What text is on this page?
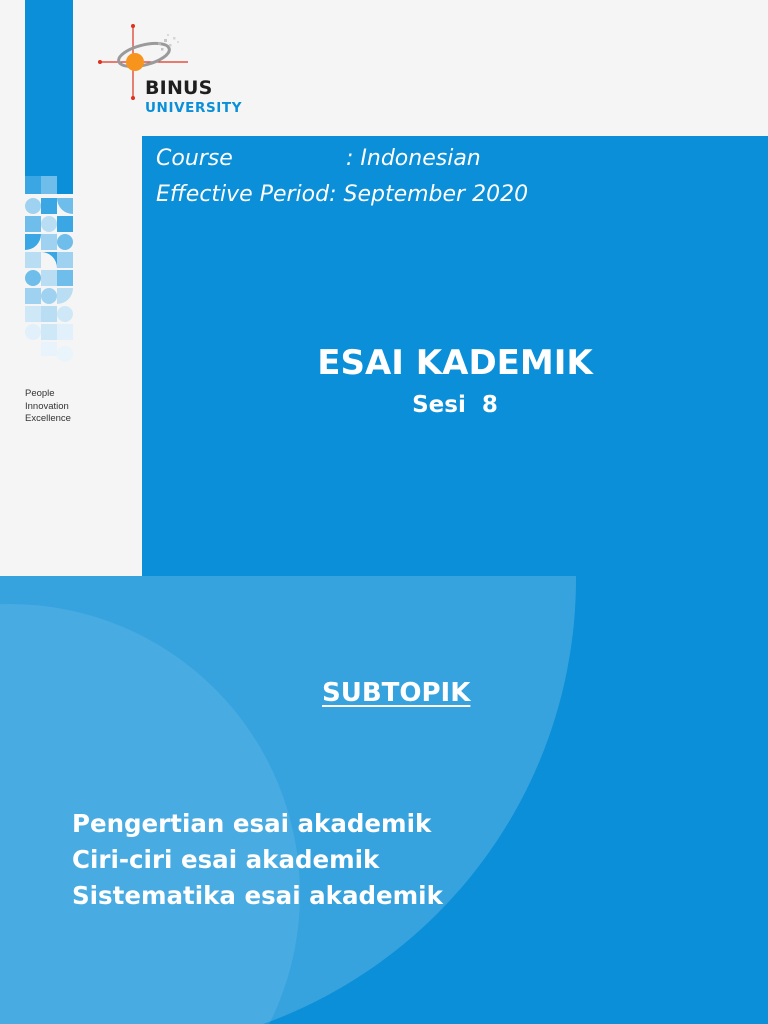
People
Innovation
Excellence
BINUS
UNIVERSITY
Course	: Indonesian
Effective Period: September 2020
ESAI KADEMIK
Sesi  8
SUBTOPIK
Pengertian esai akademik
Ciri-ciri esai akademik
Sistematika esai akademik
